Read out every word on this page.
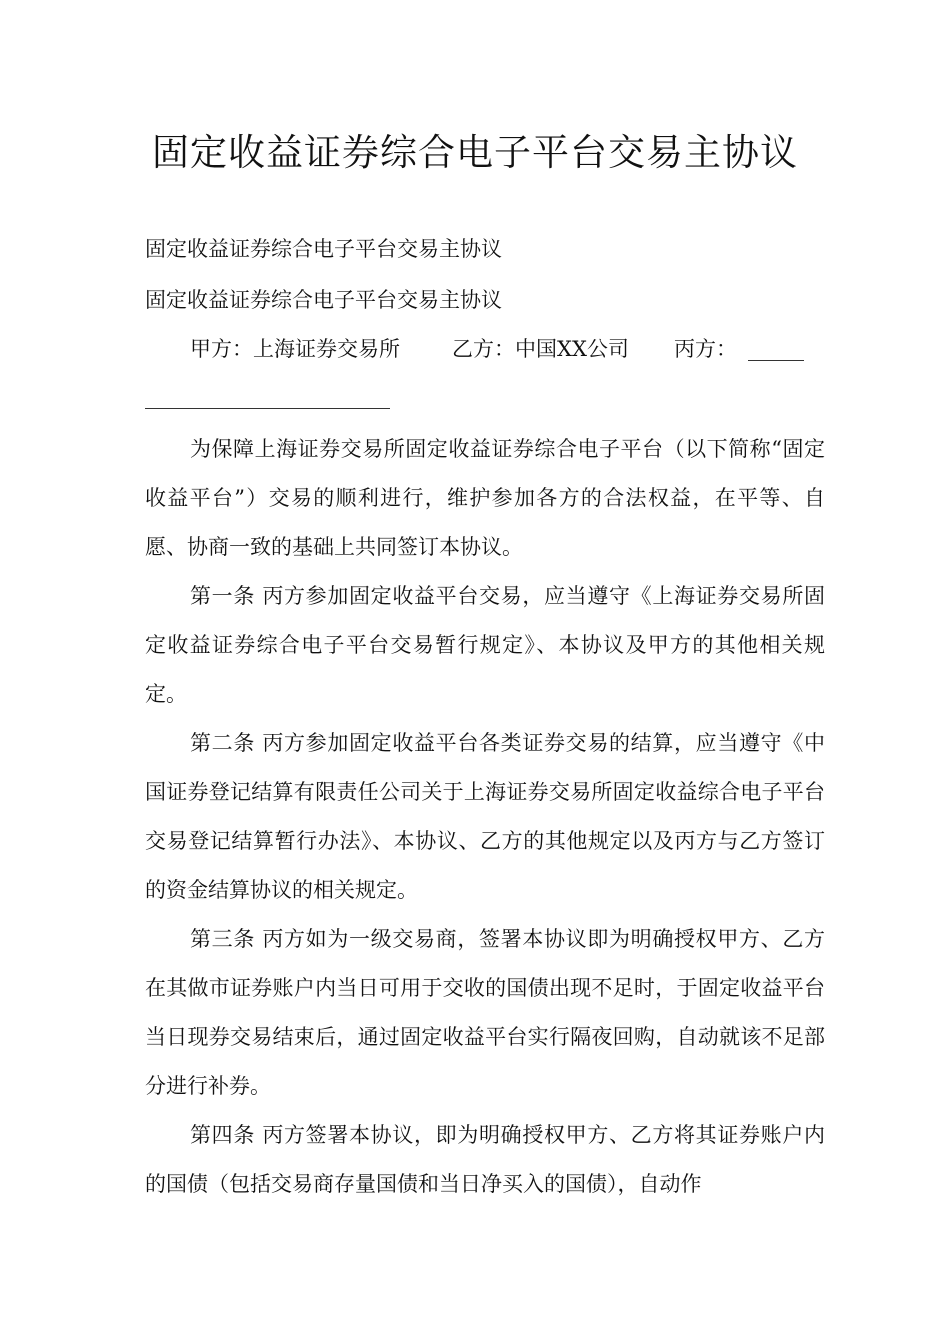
固定收益证券综合电子平台交易主协议
固定收益证券综合电子平台交易主协议
固定收益证券综合电子平台交易主协议
甲方：上海证券交易所 乙方：中国XX公司 丙方：

为保障上海证券交易所固定收益证券综合电子平台（以下简称“固定收益平台”）交易的顺利进行，维护参加各方的合法权益，在平等、自愿、协商一致的基础上共同签订本协议。

第一条 丙方参加固定收益平台交易，应当遵守《上海证券交易所固定收益证券综合电子平台交易暂行规定》、本协议及甲方的其他相关规定。

第二条 丙方参加固定收益平台各类证券交易的结算，应当遵守《中国证券登记结算有限责任公司关于上海证券交易所固定收益综合电子平台交易登记结算暂行办法》、本协议、乙方的其他规定以及丙方与乙方签订的资金结算协议的相关规定。

第三条 丙方如为一级交易商，签署本协议即为明确授权甲方、乙方在其做市证券账户内当日可用于交收的国债出现不足时，于固定收益平台当日现券交易结束后，通过固定收益平台实行隔夜回购，自动就该不足部分进行补券。

第四条 丙方签署本协议，即为明确授权甲方、乙方将其证券账户内的国债（包括交易商存量国债和当日净买入的国债），自动作
